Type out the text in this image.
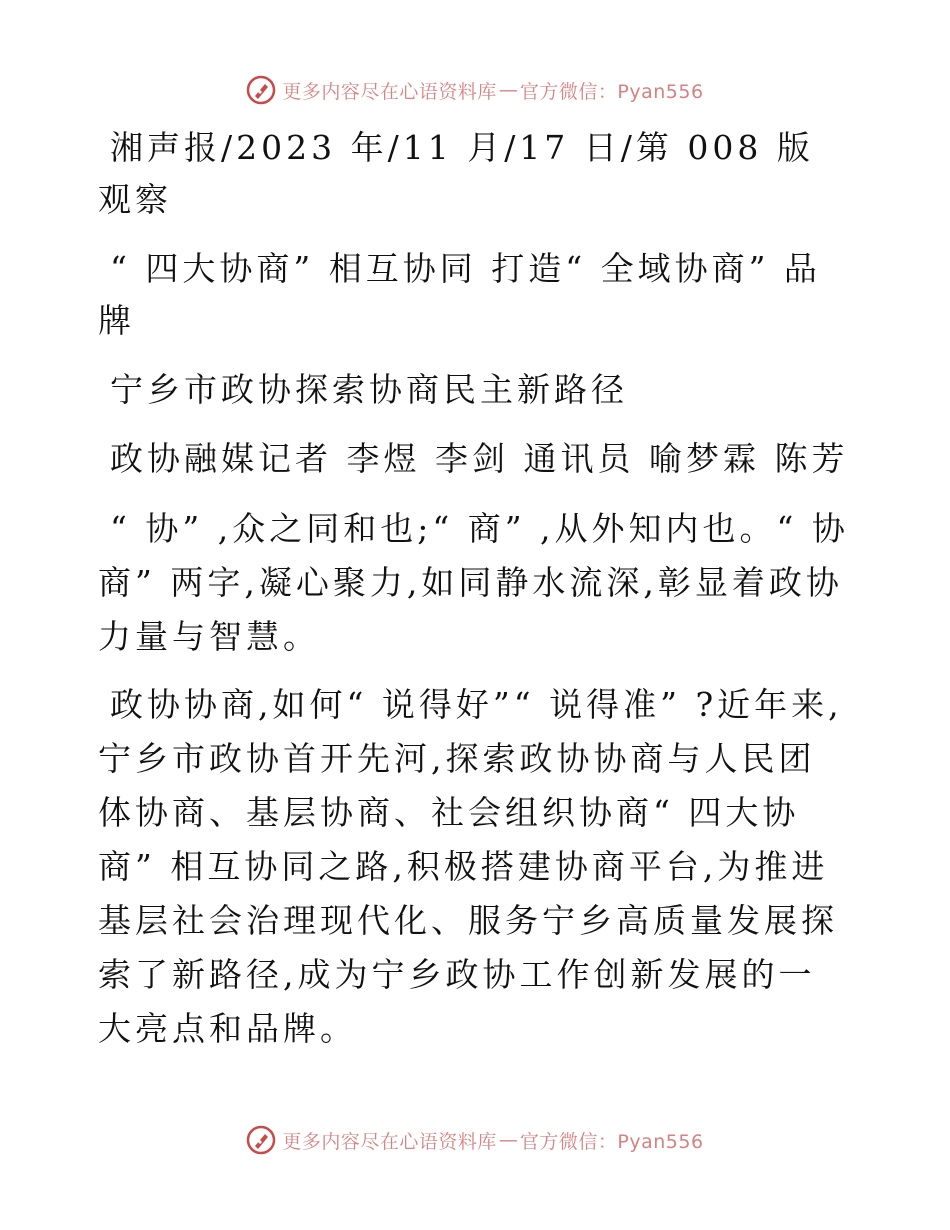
更多内容尽在心语资料库 — 官方微信：Pyan556

湘声报/2023 年/11 月/17 日/第 008 版观察

“ 四大协商” 相互协同 打造“ 全域协商” 品牌

宁乡市政协探索协商民主新路径

政协融媒记者 李煜 李剑 通讯员 喻梦霖 陈芳

“ 协” ,众之同和也;“ 商” ,从外知内也。“ 协商” 两字,凝心聚力,如同静水流深,彰显着政协力量与智慧。

政协协商,如何“ 说得好”“ 说得准” ?近年来,宁乡市政协首开先河,探索政协协商与人民团体协商、基层协商、社会组织协商“ 四大协商” 相互协同之路,积极搭建协商平台,为推进基层社会治理现代化、服务宁乡高质量发展探索了新路径,成为宁乡政协工作创新发展的一大亮点和品牌。

更多内容尽在心语资料库 — 官方微信：Pyan556
